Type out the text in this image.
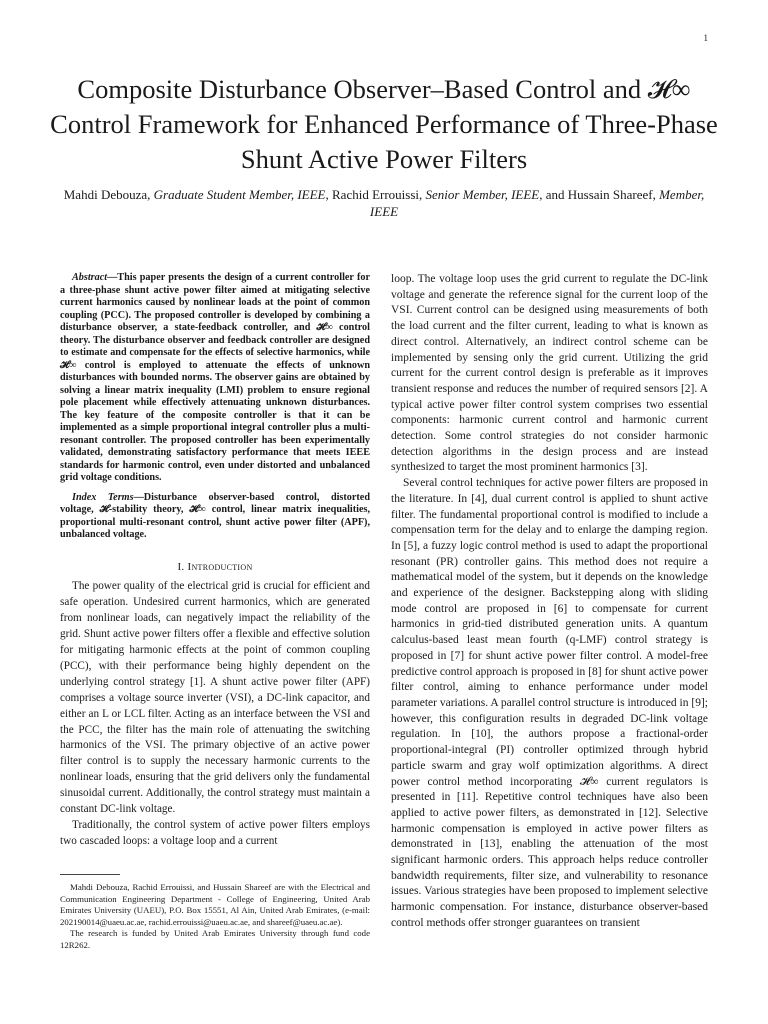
1
Composite Disturbance Observer–Based Control and 𝓗∞ Control Framework for Enhanced Performance of Three-Phase Shunt Active Power Filters
Mahdi Debouza, Graduate Student Member, IEEE, Rachid Errouissi, Senior Member, IEEE, and Hussain Shareef, Member, IEEE

Abstract—This paper presents the design of a current controller for a three-phase shunt active power filter aimed at mitigating selective current harmonics caused by nonlinear loads at the point of common coupling (PCC). The proposed controller is developed by combining a disturbance observer, a state-feedback controller, and 𝓗∞ control theory. The disturbance observer and feedback controller are designed to estimate and compensate for the effects of selective harmonics, while 𝓗∞ control is employed to attenuate the effects of unknown disturbances with bounded norms. The observer gains are obtained by solving a linear matrix inequality (LMI) problem to ensure regional pole placement while effectively attenuating unknown disturbances. The key feature of the composite controller is that it can be implemented as a simple proportional integral controller plus a multi-resonant controller. The proposed controller has been experimentally validated, demonstrating satisfactory performance that meets IEEE standards for harmonic control, even under distorted and unbalanced grid voltage conditions.

Index Terms—Disturbance observer-based control, distorted voltage, 𝓗-stability theory, 𝓗∞ control, linear matrix inequalities, proportional multi-resonant control, shunt active power filter (APF), unbalanced voltage.

I. Introduction

The power quality of the electrical grid is crucial for efficient and safe operation. Undesired current harmonics, which are generated from nonlinear loads, can negatively impact the reliability of the grid. Shunt active power filters offer a flexible and effective solution for mitigating harmonic effects at the point of common coupling (PCC), with their performance being highly dependent on the underlying control strategy [1]. A shunt active power filter (APF) comprises a voltage source inverter (VSI), a DC-link capacitor, and either an L or LCL filter. Acting as an interface between the VSI and the PCC, the filter has the main role of attenuating the switching harmonics of the VSI. The primary objective of an active power filter control is to supply the necessary harmonic currents to the nonlinear loads, ensuring that the grid delivers only the fundamental sinusoidal current. Additionally, the control strategy must maintain a constant DC-link voltage.

Traditionally, the control system of active power filters employs two cascaded loops: a voltage loop and a current

Mahdi Debouza, Rachid Errouissi, and Hussain Shareef are with the Electrical and Communication Engineering Department - College of Engineering, United Arab Emirates University (UAEU), P.O. Box 15551, Al Ain, United Arab Emirates, (e-mail: 202190014@uaeu.ac.ae, rachid.errouissi@uaeu.ac.ae, and shareef@uaeu.ac.ae).

The research is funded by United Arab Emirates University through fund code 12R262.

loop. The voltage loop uses the grid current to regulate the DC-link voltage and generate the reference signal for the current loop of the VSI. Current control can be designed using measurements of both the load current and the filter current, leading to what is known as direct control. Alternatively, an indirect control scheme can be implemented by sensing only the grid current. Utilizing the grid current for the current control design is preferable as it improves transient response and reduces the number of required sensors [2]. A typical active power filter control system comprises two essential components: harmonic current control and harmonic current detection. Some control strategies do not consider harmonic detection algorithms in the design process and are instead synthesized to target the most prominent harmonics [3].

Several control techniques for active power filters are proposed in the literature. In [4], dual current control is applied to shunt active filter. The fundamental proportional control is modified to include a compensation term for the delay and to enlarge the damping region. In [5], a fuzzy logic control method is used to adapt the proportional resonant (PR) controller gains. This method does not require a mathematical model of the system, but it depends on the knowledge and experience of the designer. Backstepping along with sliding mode control are proposed in [6] to compensate for current harmonics in grid-tied distributed generation units. A quantum calculus-based least mean fourth (q-LMF) control strategy is proposed in [7] for shunt active power filter control. A model-free predictive control approach is proposed in [8] for shunt active power filter control, aiming to enhance performance under model parameter variations. A parallel control structure is introduced in [9]; however, this configuration results in degraded DC-link voltage regulation. In [10], the authors propose a fractional-order proportional-integral (PI) controller optimized through hybrid particle swarm and gray wolf optimization algorithms. A direct power control method incorporating 𝓗∞ current regulators is presented in [11]. Repetitive control techniques have also been applied to active power filters, as demonstrated in [12]. Selective harmonic compensation is employed in active power filters as demonstrated in [13], enabling the attenuation of the most significant harmonic orders. This approach helps reduce controller bandwidth requirements, filter size, and vulnerability to resonance issues. Various strategies have been proposed to implement selective harmonic compensation. For instance, disturbance observer-based control methods offer stronger guarantees on transient
